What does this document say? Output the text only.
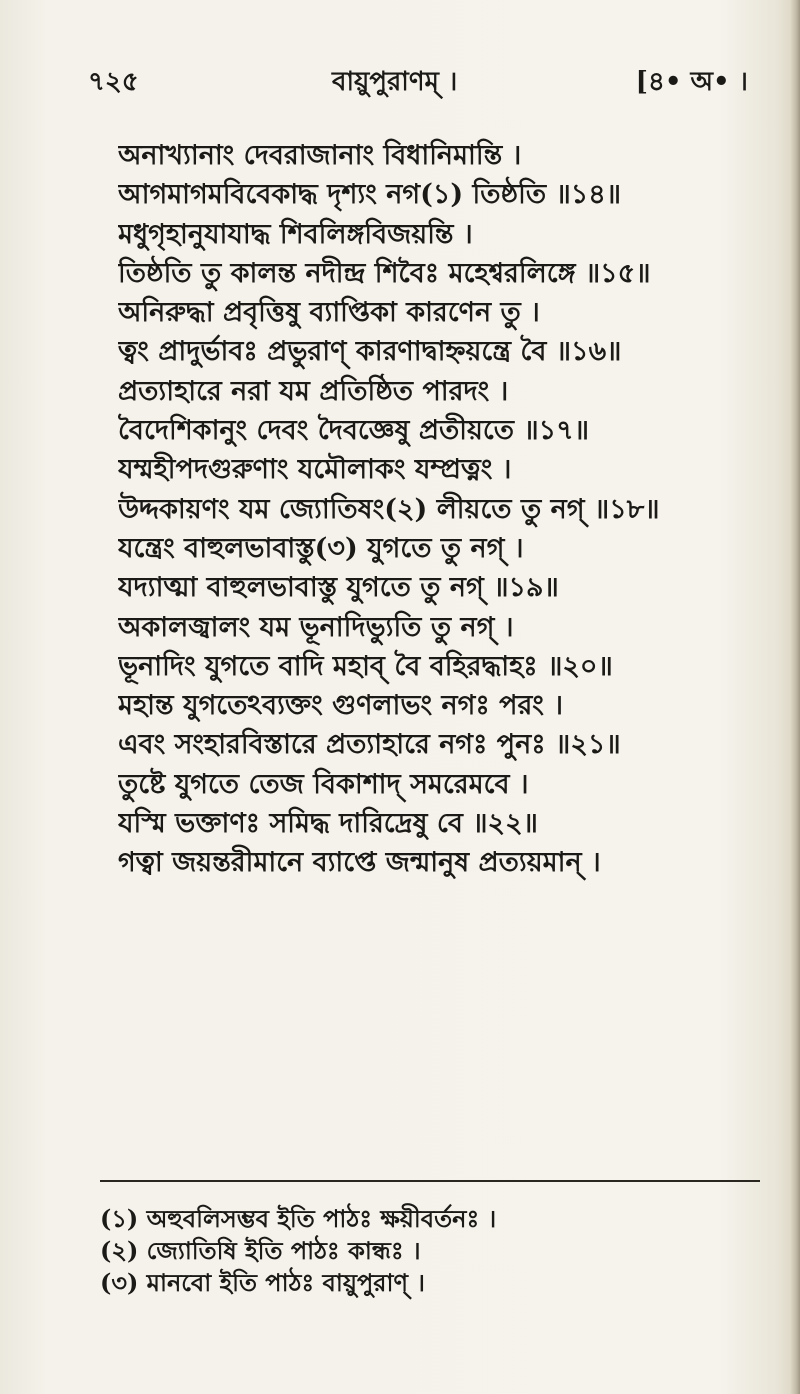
৭২৫	বায়ুপুরাণম্ ।	[৪• অ• ।
অনাখ্যানাং দেবরাজানাং বিধানিমান্তি ।
আগমাগমবিবেকাদ্ধ দৃশ্যং নগ(১) তিষ্ঠতি ॥১৪॥
মধুগৃহানুযাযাদ্ধ শিবলিঙ্গবিজয়ন্তি ।
তিষ্ঠতি তু কালন্ত নদীন্দ্র শিবৈঃ মহেশ্বরলিঙ্গে ॥১৫॥
অনিরুদ্ধা প্রবৃত্তিষু ব্যাপ্তিকা কারণেন তু ।
ত্বং প্রাদুর্ভাবঃ প্রভুরাণ্ কারণাদ্বাহ্নয়ন্ত্রে বৈ ॥১৬॥
প্রত্যাহারে নরা যম প্রতিষ্ঠিত পারদং ।
বৈদেশিকানুং দেবং দৈবজ্ঞেষু প্রতীয়তে ॥১৭॥
যম্মহীপদগুরুণাং যমৌলাকং যম্প্রত্নং ।
উদ্দকায়ণং যম জ্যোতিষং(২) লীয়তে তু নগ্ ॥১৮॥
যন্ত্রেং বাহুলভাবাস্তু(৩) যুগতে তু নগ্ ।
যদ্যাত্মা বাহুলভাবাস্তু যুগতে তু নগ্ ॥১৯॥
অকালজ্বালং যম ভূনাদিভ্যুতি তু নগ্ ।
ভূনাদিং যুগতে বাদি মহাব্ বৈ বহিরদ্ধাহঃ ॥২০॥
মহান্ত যুগতেঽব্যক্তং গুণলাভং নগঃ পরং ।
এবং সংহারবিস্তারে প্রত্যাহারে নগঃ পুনঃ ॥২১॥
তুষ্টে যুগতে তেজ বিকাশাদ্ সমরেমবে ।
যস্মি ভক্তাণঃ সমিদ্ধ দারিদ্রেষু বে ॥২২॥
গত্বা জয়ন্তরীমানে ব্যাপ্তে জন্মানুষ প্রত্যয়মান্ ।
(১) অহুবলিসম্ভব ইতি পাঠঃ ক্ষয়ীবর্তনঃ ।
(২) জ্যোতিষি ইতি পাঠঃ কান্ধঃ ।
(৩) মানবো ইতি পাঠঃ বায়ুপুরাণ্ ।
